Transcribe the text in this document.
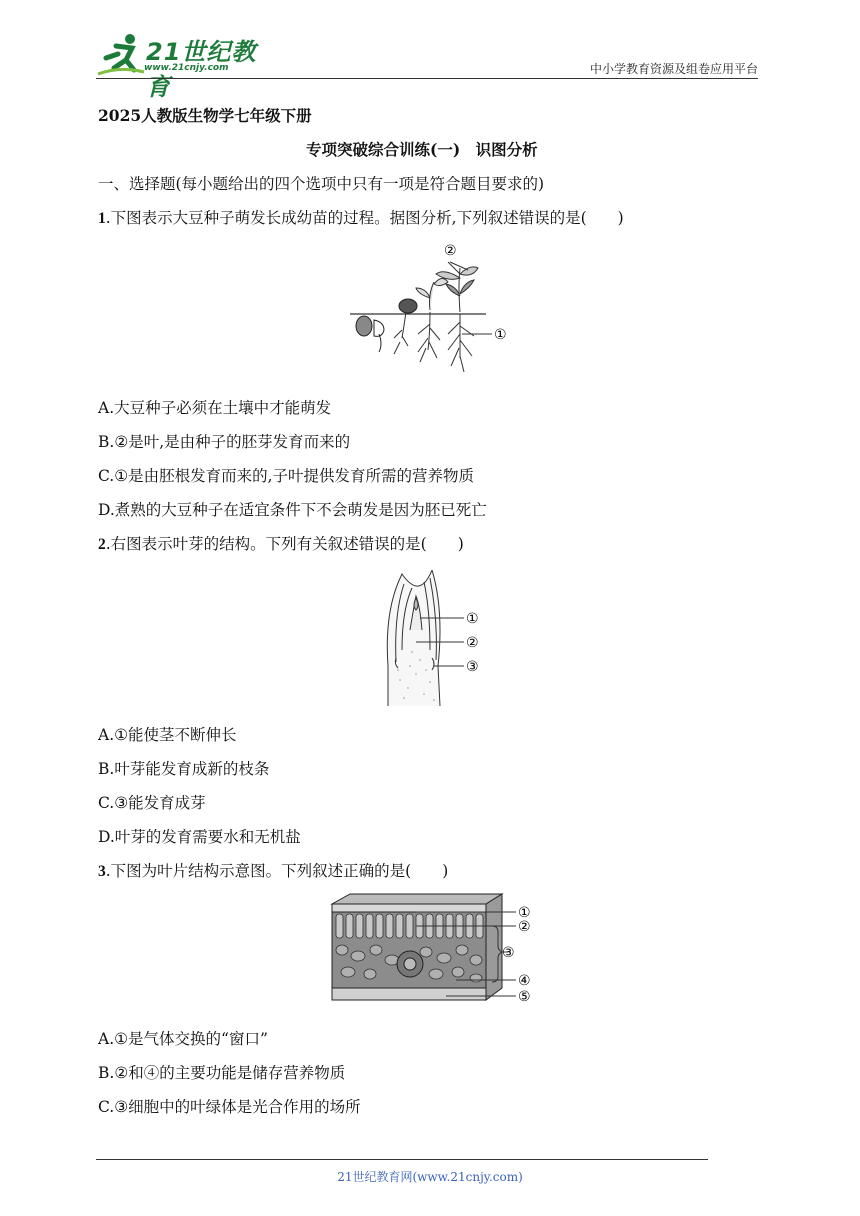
21世纪教育
www.21cnjy.com	中小学教育资源及组卷应用平台
2025人教版生物学七年级下册
专项突破综合训练(一)　识图分析
一、选择题(每小题给出的四个选项中只有一项是符合题目要求的)
1.下图表示大豆种子萌发长成幼苗的过程。据图分析,下列叙述错误的是(　　)
②
①
A.大豆种子必须在土壤中才能萌发
B.②是叶,是由种子的胚芽发育而来的
C.①是由胚根发育而来的,子叶提供发育所需的营养物质
D.煮熟的大豆种子在适宜条件下不会萌发是因为胚已死亡
2.右图表示叶芽的结构。下列有关叙述错误的是(　　)
①
②
③
A.①能使茎不断伸长
B.叶芽能发育成新的枝条
C.③能发育成芽
D.叶芽的发育需要水和无机盐
3.下图为叶片结构示意图。下列叙述正确的是(　　)
①
②
③
④
⑤
A.①是气体交换的“窗口”
B.②和④的主要功能是储存营养物质
C.③细胞中的叶绿体是光合作用的场所
21世纪教育网(www.21cnjy.com)
